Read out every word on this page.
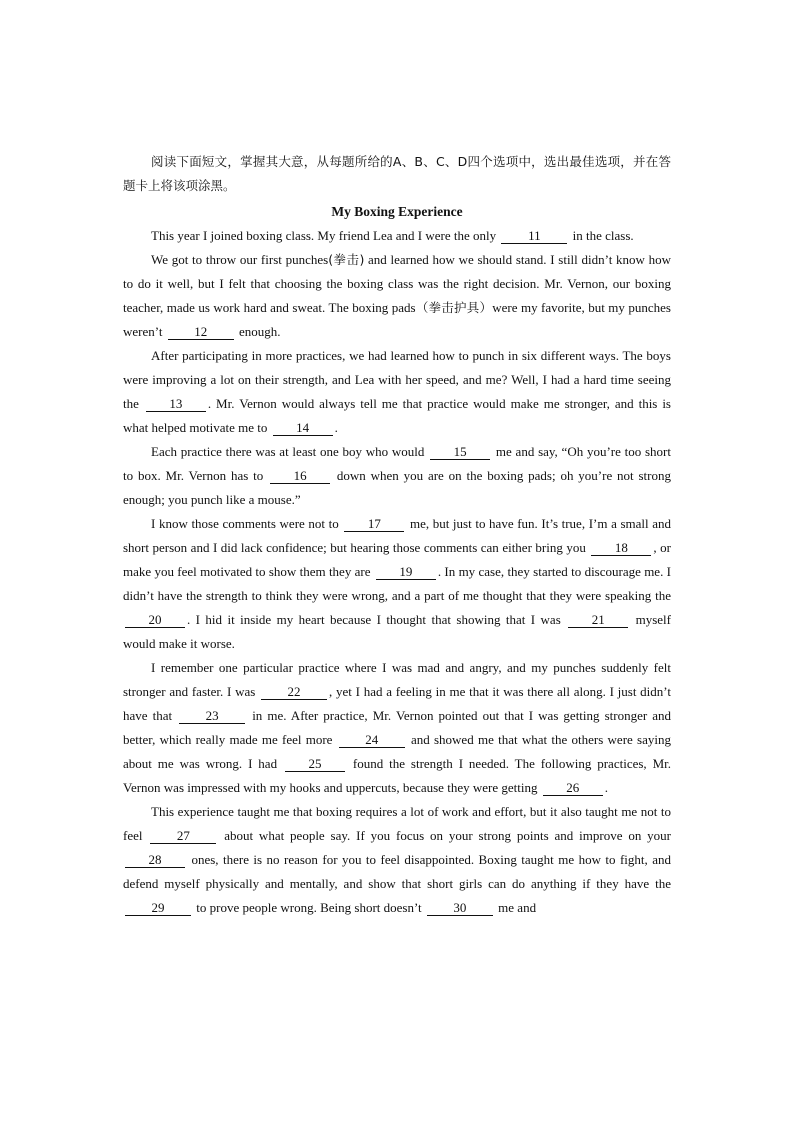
阅读下面短文，掌握其大意，从每题所给的A、B、C、D四个选项中，选出最佳选项，并在答题卡上将该项涂黑。

My Boxing Experience

This year I joined boxing class. My friend Lea and I were the only 11 in the class.

We got to throw our first punches(拳击) and learned how we should stand. I still didn’t know how to do it well, but I felt that choosing the boxing class was the right decision. Mr. Vernon, our boxing teacher, made us work hard and sweat. The boxing pads（拳击护具）were my favorite, but my punches weren’t 12 enough.

After participating in more practices, we had learned how to punch in six different ways. The boys were improving a lot on their strength, and Lea with her speed, and me? Well, I had a hard time seeing the 13 . Mr. Vernon would always tell me that practice would make me stronger, and this is what helped motivate me to 14 .

Each practice there was at least one boy who would 15 me and say, “Oh you’re too short to box. Mr. Vernon has to 16 down when you are on the boxing pads; oh you’re not strong enough; you punch like a mouse.”

I know those comments were not to 17 me, but just to have fun. It’s true, I’m a small and short person and I did lack confidence; but hearing those comments can either bring you 18 , or make you feel motivated to show them they are 19 . In my case, they started to discourage me. I didn’t have the strength to think they were wrong, and a part of me thought that they were speaking the 20 . I hid it inside my heart because I thought that showing that I was 21 myself would make it worse.

I remember one particular practice where I was mad and angry, and my punches suddenly felt stronger and faster. I was 22 , yet I had a feeling in me that it was there all along. I just didn’t have that 23 in me. After practice, Mr. Vernon pointed out that I was getting stronger and better, which really made me feel more 24 and showed me that what the others were saying about me was wrong. I had 25 found the strength I needed. The following practices, Mr. Vernon was impressed with my hooks and uppercuts, because they were getting 26 .

This experience taught me that boxing requires a lot of work and effort, but it also taught me not to feel 27 about what people say. If you focus on your strong points and improve on your 28 ones, there is no reason for you to feel disappointed. Boxing taught me how to fight, and defend myself physically and mentally, and show that short girls can do anything if they have the 29 to prove people wrong. Being short doesn’t 30 me and
